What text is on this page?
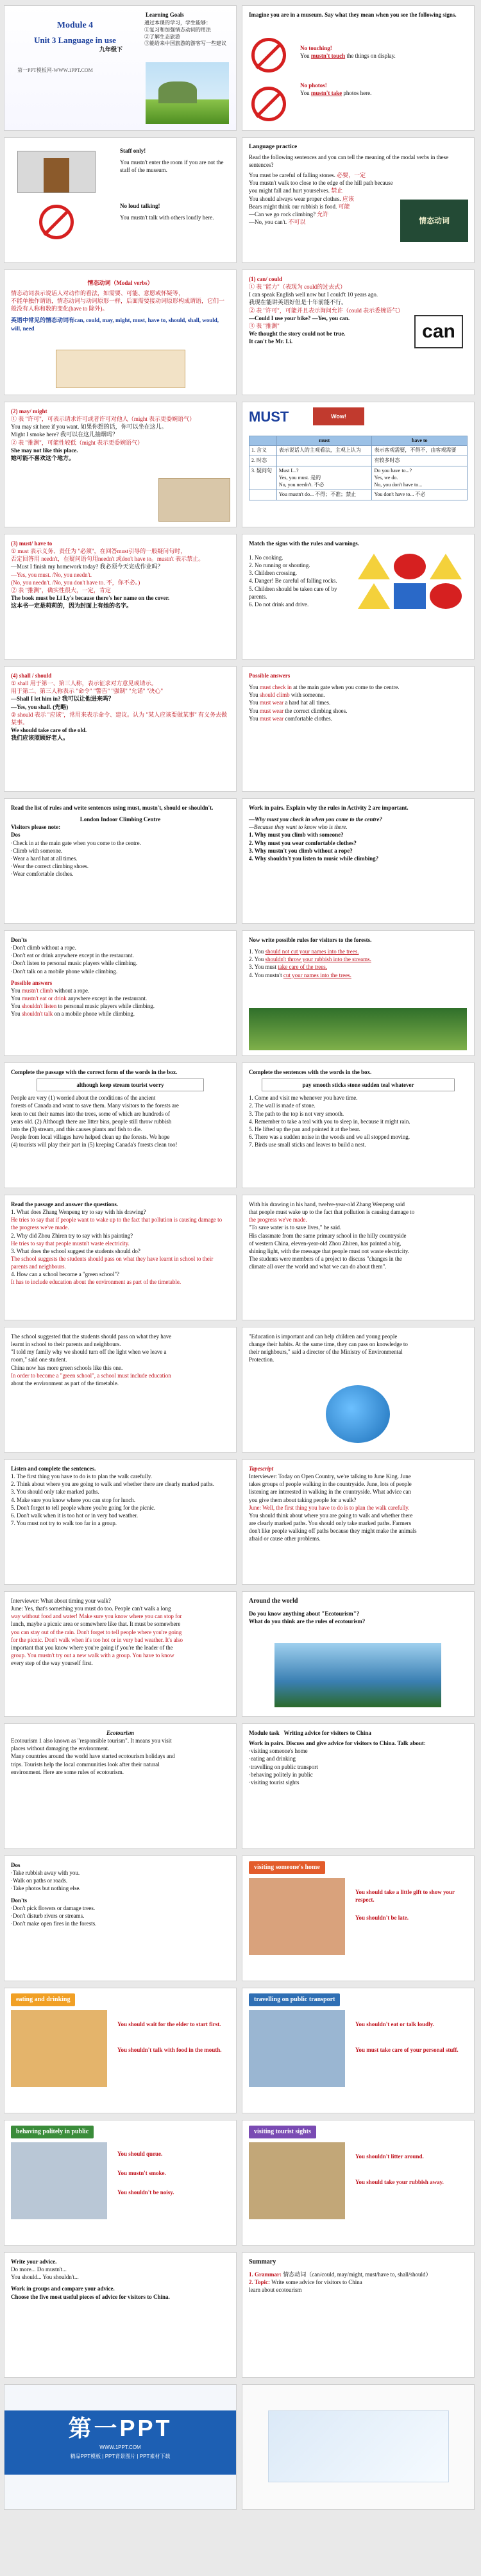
Module 4
Unit 3 Language in use
九年级下
第一PPT模板网-WWW.1PPT.COM
Learning Goals
通过本课的学习，学生能够：
①复习和加强情态动词的用法
②了解生态旅游
③能给来中国旅游的游客写一些建议
Imagine you are in a museum. Say what they mean when you see the following signs.
No touching!
You mustn't touch the things on display.
No photos!
You mustn't take photos here.
Staff only!
You mustn't enter the room if you are not the staff of the museum.
No loud talking!
You mustn't talk with others loudly here.
Language practice
Read the following sentences and you can tell the meaning of the modal verbs in these sentences?
You must be careful of falling stones. 必要，一定
You mustn't walk too close to the edge of the hill path because you might fall and hurt yourselves. 禁止
You should always wear proper clothes. 应该
Bears might think our rubbish is food. 可能
—Can we go rock climbing? 允许
—No, you can't. 不可以	情态动词
情态动词（Modal verbs）
情态动词表示说话人对动作的看法，如需要、可能、意愿或怀疑等，
不能单独作谓语，情态动词与动词原形一样，后面需要接动词原形构成谓语，它们一般没有人称和数的变化(have to 除外)。
英语中常见的情态动词有can, could, may, might, must, have to, should, shall, would, will, need
(1) can/ could
① 表 "能力"（表现为 could的过去式）
I can speak English well now but I could't 10 years ago.
我现在能讲英语好但是十年前能不行。
② 表 "许可"，可能并且表示询问允许（could 表示委婉语气）
—Could I use your bike? —Yes, you can.
③ 表 "推测"
We thought the story could not be true.
It can't be Mr. Li.	can
(2) may/ might
① 表 "许可"，可表示请求许可或者许可对他人（might 表示更委婉语气）
You may sit here if you want. 如果你想的话，你可以坐在这儿。
Might I smoke here? 我可以在这儿抽烟吗？
② 表 "推测"，可能性较低（might 表示更委婉语气）
She may not like this place.
她可能不喜欢这个地方。
MUST	Wow!
	must	have to
1. 含义	表示说话人的主观看法，主观上认为	表示客观需要，不得不，由客观需要
2. 时态		有较多时态
3. 疑问句	Must I...?
Yes, you must. 是的
No, you needn't. 不必	Do you have to...?
Yes, we do.
No, you don't have to...
	You mustn't do... 不得；不准；禁止	You don't have to... 不必
(3) must/ have to
① must 表示义务、责任为 "必须"，在回答must引导的一般疑问句时，
否定回答用 needn't，在疑问语句用needn't 或don't have to。mustn't 表示禁止。
—Must I finish my homework today? 我必须今天完成作业吗？
—Yes, you must. /No, you needn't.
(No, you needn't. /No, you don't have to. 不，你不必。)
② 表 "推测"，确实性很大，一定，肯定
The book must be Li Ly's because there's her name on the cover.
这本书一定是莉莉的，因为封面上有她的名字。
Match the signs with the rules and warnings.
1. No cooking.
2. No running or shouting.
3. Children crossing.
4. Danger! Be careful of falling rocks.
5. Children should be taken care of by parents.
6. Do not drink and drive.
(4) shall / should
① shall 用于第一、第三人称，表示征求对方意见或请示。
用于第二、第三人称表示 "命令" "警告" "强制" "允诺" "决心"
—Shall I let him in? 我可以让他进来吗？
—Yes, you shall. (先略)
② should 表示 "应该"，常用来表示命令、建议。认为 "某人应该要做某事" 有义务去做某事。
We should take care of the old.
我们应该照顾好老人。
Possible answers
You must check in at the main gate when you come to the centre.
You should climb with someone.
You must wear a hard hat all times.
You must wear the correct climbing shoes.
You must wear comfortable clothes.
Read the list of rules and write sentences using must, mustn't, should or shouldn't.
London Indoor Climbing Centre
Visitors please note:
Dos
·Check in at the main gate when you come to the centre.
·Climb with someone.
·Wear a hard hat at all times.
·Wear the correct climbing shoes.
·Wear comfortable clothes.
Work in pairs. Explain why the rules in Activity 2 are important.
—Why must you check in when you come to the centre?
—Because they want to know who is there.
1. Why must you climb with someone?
2. Why must you wear comfortable clothes?
3. Why mustn't you climb without a rope?
4. Why shouldn't you listen to music while climbing?
Don'ts
·Don't climb without a rope.
·Don't eat or drink anywhere except in the restaurant.
·Don't listen to personal music players while climbing.
·Don't talk on a mobile phone while climbing.
Possible answers
You mustn't climb without a rope.
You mustn't eat or drink anywhere except in the restaurant.
You shouldn't listen to personal music players while climbing.
You shouldn't talk on a mobile phone while climbing.
Now write possible rules for visitors to the forests.
1. You should not cut your names into the trees.
2. You shouldn't throw your rubbish into the streams.
3. You must take care of the trees.
4. You mustn't cut your names into the trees.
Complete the passage with the correct form of the words in the box.
although keep stream tourist worry
People are very (1) worried about the conditions of the ancient
forests of Canada and want to save them. Many visitors to the forests are
keen to cut their names into the trees, some of which are hundreds of
years old. (2) Although there are litter bins, people still throw rubbish
into the (3) stream, and this causes plants and fish to die.
People from local villages have helped clean up the forests. We hope
(4) tourists will play their part in (5) keeping Canada's forests clean too!
Complete the sentences with the words in the box.
pay smooth sticks stone sudden teal whatever
1. Come and visit me whenever you have time.
2. The wall is made of stone.
3. The path to the top is not very smooth.
4. Remember to take a teal with you to sleep in, because it might rain.
5. He lifted up the pan and pointed it at the bear.
6. There was a sudden noise in the woods and we all stopped moving.
7. Birds use small sticks and leaves to build a nest.
Read the passage and answer the questions.
1. What does Zhang Wenpeng try to say with his drawing?
He tries to say that if people want to wake up to the fact that pollution is causing damage to the progress we've made.
2. Why did Zhou Zhiren try to say with his painting?
He tries to say that people mustn't waste electricity.
3. What does the school suggest the students should do?
The school suggests the students should pass on what they have learnt in school to their parents and neighbours.
4. How can a school become a "green school"?
It has to include education about the environment as part of the timetable.
With his drawing in his hand, twelve-year-old Zhang Wenpeng said
that people must wake up to the fact that pollution is causing damage to
the progress we've made.
"To save water is to save lives," he said.
His classmate from the same primary school in the hilly countryside
of western China, eleven-year-old Zhou Zhiren, has painted a big,
shining light, with the message that people must not waste electricity.
The students were members of a project to discuss "changes in the
climate all over the world and what we can do about them".
The school suggested that the students should pass on what they have
learnt in school to their parents and neighbours.
"I told my family why we should turn off the light when we leave a
room," said one student.
China now has more green schools like this one.
In order to become a "green school", a school must include education
about the environment as part of the timetable.
"Education is important and can help children and young people
change their habits. At the same time, they can pass on knowledge to
their neighbours," said a director of the Ministry of Environmental
Protection.
Listen and complete the sentences.
1. The first thing you have to do is to plan the walk carefully.
2. Think about where you are going to walk and whether there are clearly marked paths.
3. You should only take marked paths.
4. Make sure you know where you can stop for lunch.
5. Don't forget to tell people where you're going for the picnic.
6. Don't walk when it is too hot or in very bad weather.
7. You must not try to walk too far in a group.
Tapescript
Interviewer: Today on Open Country, we're talking to June King. June
takes groups of people walking in the countryside. June, lots of people
listening are interested in walking in the countryside. What advice can
you give them about taking people for a walk?
June: Well, the first thing you have to do is to plan the walk carefully.
You should think about where you are going to walk and whether there
are clearly marked paths. You should only take marked paths. Farmers
don't like people walking off paths because they might make the animals
afraid or cause other problems.
Interviewer: What about timing your walk?
June: Yes, that's something you must do too. People can't walk a long
way without food and water! Make sure you know where you can stop for
lunch, maybe a picnic area or somewhere like that. It must be somewhere
you can stay out of the rain. Don't forget to tell people where you're going
for the picnic. Don't walk when it's too hot or in very bad weather. It's also
important that you know where you're going if you're the leader of the
group. You mustn't try out a new walk with a group. You have to know
every step of the way yourself first.
Around the world
Do you know anything about "Ecotourism"?
What do you think are the rules of ecotourism?
Ecotourism
Ecotourism 1 also known as "responsible tourism". It means you visit
places without damaging the environment.
Many countries around the world have started ecotourism holidays and
trips. Tourists help the local communities look after their natural
environment. Here are some rules of ecotourism.
Module task Writing advice for visitors to China
Work in pairs. Discuss and give advice for visitors to China. Talk about:
·visiting someone's home
·eating and drinking
·travelling on public transport
·behaving politely in public
·visiting tourist sights
Dos
·Take rubbish away with you.
·Walk on paths or roads.
·Take photos but nothing else.
Don'ts
·Don't pick flowers or damage trees.
·Don't disturb rivers or streams.
·Don't make open fires in the forests.
visiting someone's home
You should take a little gift to show your respect.
You shouldn't be late.
eating and drinking
You should wait for the elder to start first.
You shouldn't talk with food in the mouth.
travelling on public transport
You shouldn't eat or talk loudly.
You must take care of your personal stuff.
behaving politely in public
You should queue.
You mustn't smoke.
You shouldn't be noisy.
visiting tourist sights
You shouldn't litter around.
You should take your rubbish away.
Write your advice.
Do more... Do mustn't...
You should... You shouldn't...
Work in groups and compare your advice.
Choose the five most useful pieces of advice for visitors to China.
Summary
1. Grammar: 情态动词（can/could, may/might, must/have to, shall/should）
2. Topic: Write some advice for visitors to China
learn about ecotourism
第一PPT
WWW.1PPT.COM
精品PPT模板 | PPT背景图片 | PPT素材下载
